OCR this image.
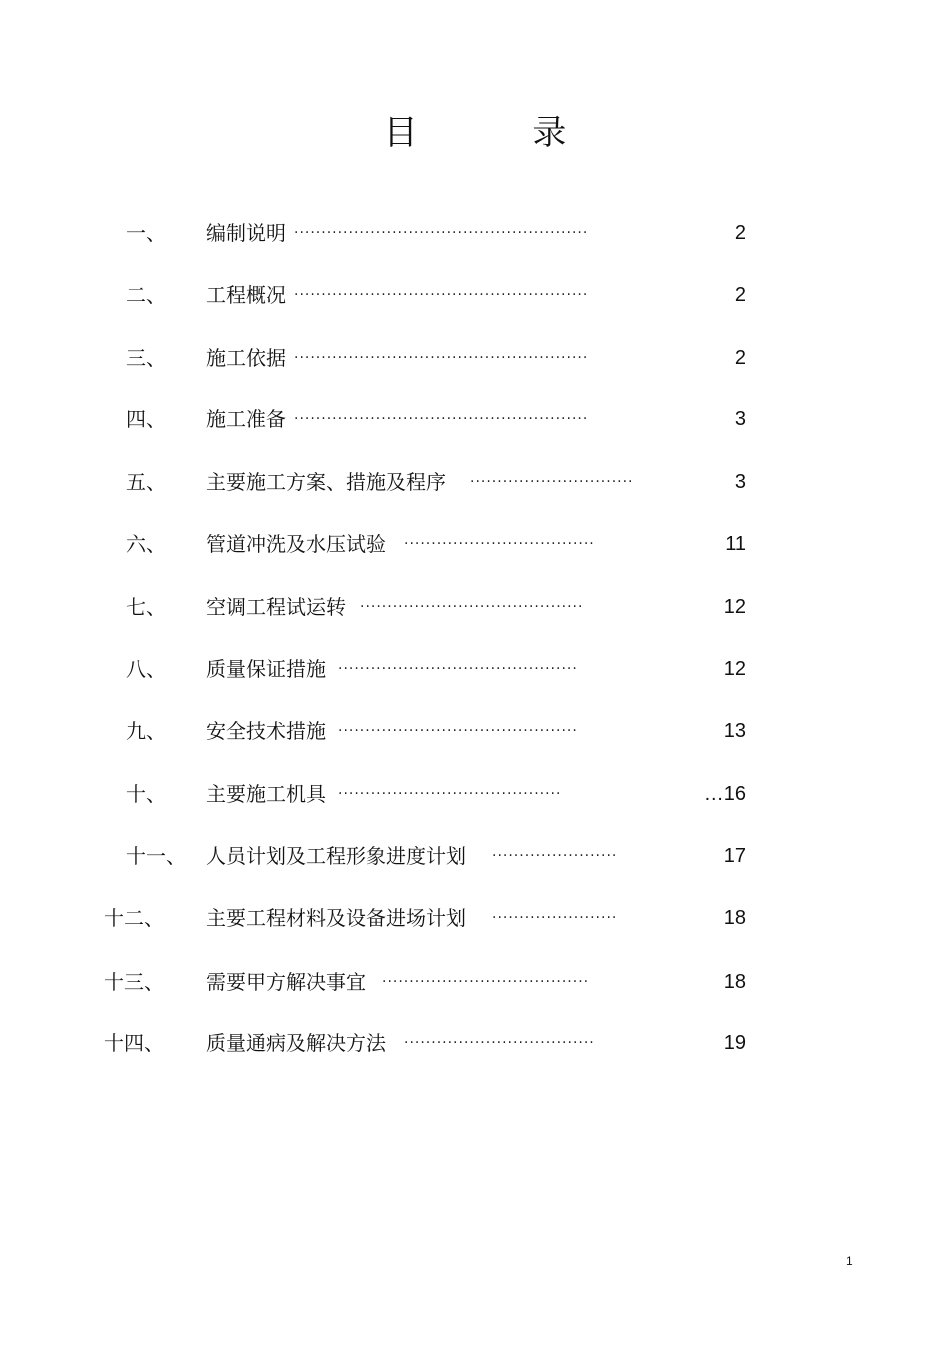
目 录
一、 编制说明 ······················································	2
二、 工程概况 ······················································	2
三、 施工依据 ······················································	2
四、 施工准备 ······················································	3
五、 主要施工方案、措施及程序 ······························	3
六、 管道冲洗及水压试验 ···································	11
七、 空调工程试运转 ·········································	12
八、 质量保证措施 ············································	12
九、 安全技术措施 ············································	13
十、 主要施工机具 ·········································	…16
十一、 人员计划及工程形象进度计划 ·······················	17
十二、 主要工程材料及设备进场计划 ·······················	18
十三、 需要甲方解决事宜 ······································	18
十四、 质量通病及解决方法 ···································	19
1
